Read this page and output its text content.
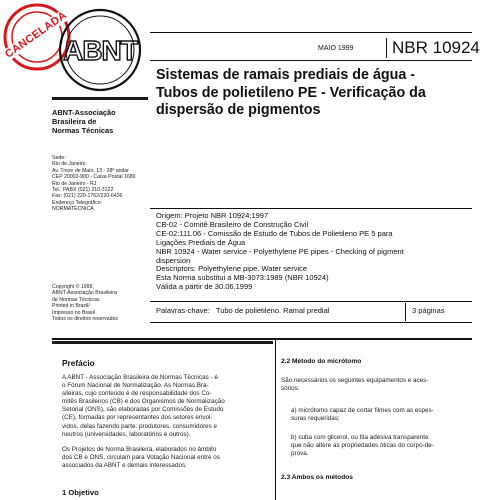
CANCELADA
ABNT	MAIO 1999 NBR 10924
Sistemas de ramais prediais de água -
Tubos de polietileno PE - Verificação da
dispersão de pigmentos
ABNT-Associação
Brasileira de
Normas Técnicas
Sede:
Rio de Janeiro
Av. Treze de Maio, 13 - 28º andar
CEP 20003-900 - Caixa Postal 1680
Rio de Janeiro - RJ
Tel.: PABX (021) 210-3122
Fax: (021) 220-1762/220-6436
Endereço Telegráfico:
NORMATÉCNICA
Copyright © 1999,
ABNT-Associação Brasileira
de Normas Técnicas
Printed in Brazil/
Impresso no Brasil
Todos os direitos reservados
Origem: Projeto NBR 10924:1997
CB-02 - Comitê Brasileiro de Construção Civil
CE-02:111.06 - Comissão de Estudo de Tubos de Polietileno PE 5 para
Ligações Prediais de Água
NBR 10924 - Water service - Polyethylene PE pipes - Checking of pigment
dispersion
Descriptors: Polyethylene pipe. Water service
Esta Norma substitui a MB-3073:1989 (NBR 10924)
Válida a partir de 30.06.1999
Palavras-chave:   Tubo de polietileno. Ramal predial	3 páginas
Prefácio
A ABNT - Associação Brasileira de Normas Técnicas - é
o Fórum Nacional de Normalização. As Normas Bra-
sileiras, cujo conteúdo é de responsabilidade dos Co-
mitês Brasileiros (CB) e dos Organismos de Normalização
Setorial (ONS), são elaboradas por Comissões de Estudo
(CE), formadas por representantes dos setores envol-
vidos, delas fazendo parte: produtores, consumidores e
neutros (universidades, laboratórios e outros).
Os Projetos de Norma Brasileira, elaborados no âmbito
dos CB e ONS, circulam para Votação Nacional entre os
associados da ABNT e demais interessados.
1 Objetivo
2.2 Método do micrótomo
São necessários os seguintes equipamentos e aces-
sórios:
a) micrótomo capaz de cortar filmes com as espes-
suras requeridas;
b) cuba com glicerol, ou fita adesiva transparente
que não altere as propriedades óticas do corpo-de-
prova.
2.3 Ambos os métodos
